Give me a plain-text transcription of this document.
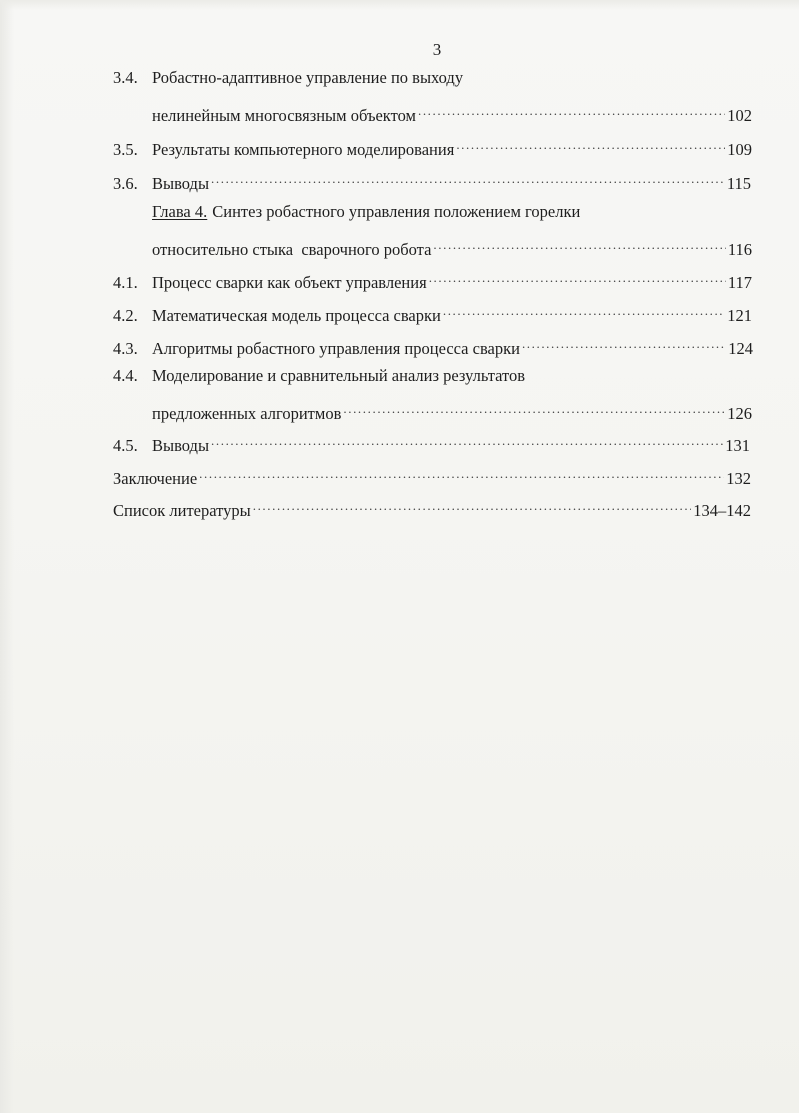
3
3.4. Робастно-адаптивное управление по выходу
нелинейным многосвязным объектом .....	102
3.5. Результаты компьютерного моделирования .....	109
3.6. Выводы .....	115
Глава 4. Синтез робастного управления положением горелки
относительно стыка  сварочного робота .....	116
4.1. Процесс сварки как объект управления .....	117
4.2. Математическая модель процесса сварки .....	121
4.3. Алгоритмы робастного управления процесса сварки .....	124
4.4. Моделирование и сравнительный анализ результатов
предложенных алгоритмов .....	126
4.5. Выводы .....	131
Заключение .....	132
Список литературы .....	134–142
